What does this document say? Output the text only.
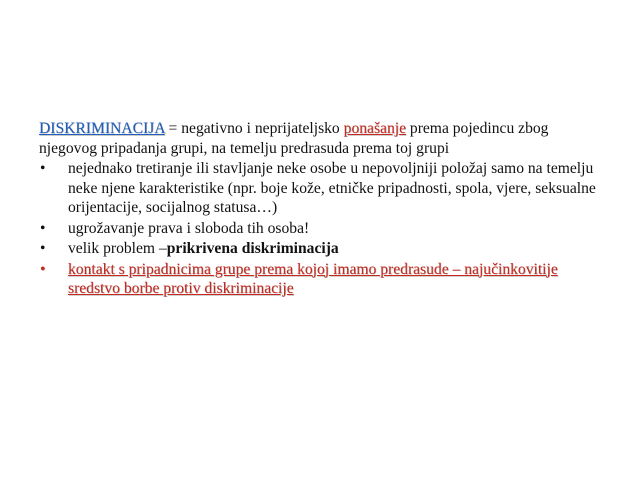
DISKRIMINACIJA = negativno i neprijateljsko ponašanje prema pojedincu zbog njegovog pripadanja grupi, na temelju predrasuda prema toj grupi

• nejednako tretiranje ili stavljanje neke osobe u nepovoljniji položaj samo na temelju neke njene karakteristike (npr. boje kože, etničke pripadnosti, spola, vjere, seksualne orijentacije, socijalnog statusa…)
• ugrožavanje prava i sloboda tih osoba!
• velik problem –prikrivena diskriminacija
• kontakt s pripadnicima grupe prema kojoj imamo predrasude – najučinkovitije sredstvo borbe protiv diskriminacije
